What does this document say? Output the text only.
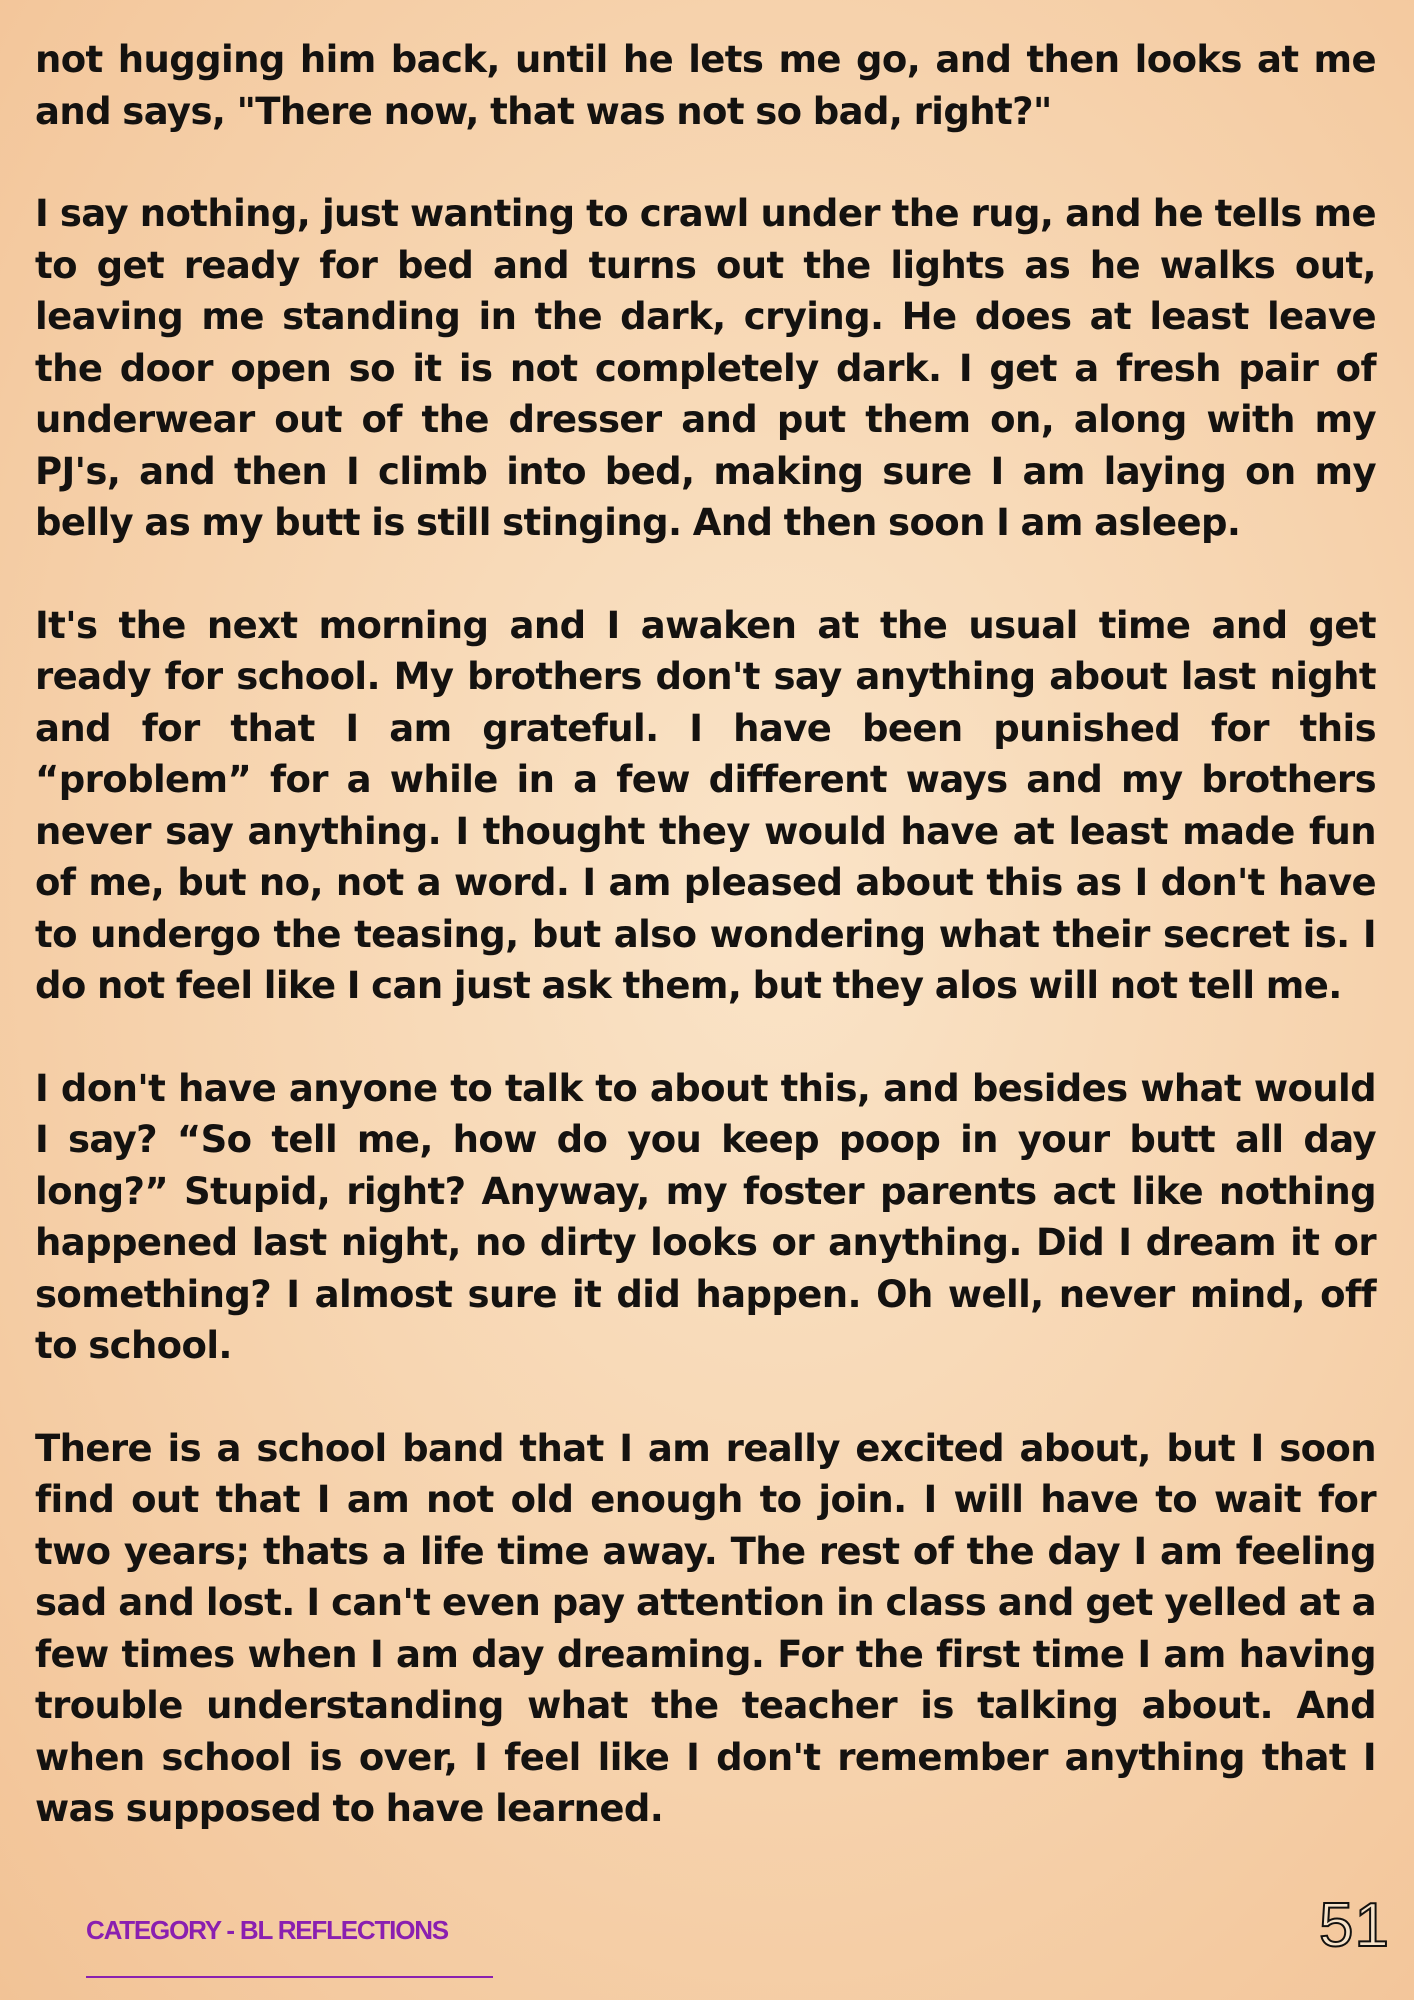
not hugging him back, until he lets me go, and then looks at me and says, "There now, that was not so bad, right?"

I say nothing, just wanting to crawl under the rug, and he tells me to get ready for bed and turns out the lights as he walks out, leaving me standing in the dark, crying. He does at least leave the door open so it is not completely dark. I get a fresh pair of underwear out of the dresser and put them on, along with my PJ's, and then I climb into bed, making sure I am laying on my belly as my butt is still stinging. And then soon I am asleep.

It's the next morning and I awaken at the usual time and get ready for school. My brothers don't say anything about last night and for that I am grateful. I have been punished for this “problem” for a while in a few different ways and my brothers never say anything. I thought they would have at least made fun of me, but no, not a word. I am pleased about this as I don't have to undergo the teasing, but also wondering what their secret is. I do not feel like I can just ask them, but they alos will not tell me.

I don't have anyone to talk to about this, and besides what would I say? “So tell me, how do you keep poop in your butt all day long?” Stupid, right? Anyway, my foster parents act like nothing happened last night, no dirty looks or anything. Did I dream it or something? I almost sure it did happen. Oh well, never mind, off to school.

There is a school band that I am really excited about, but I soon find out that I am not old enough to join. I will have to wait for two years; thats a life time away. The rest of the day I am feeling sad and lost. I can't even pay attention in class and get yelled at a few times when I am day dreaming. For the first time I am having trouble understanding what the teacher is talking about. And when school is over, I feel like I don't remember anything that I was supposed to have learned.

CATEGORY - BL REFLECTIONS	51
